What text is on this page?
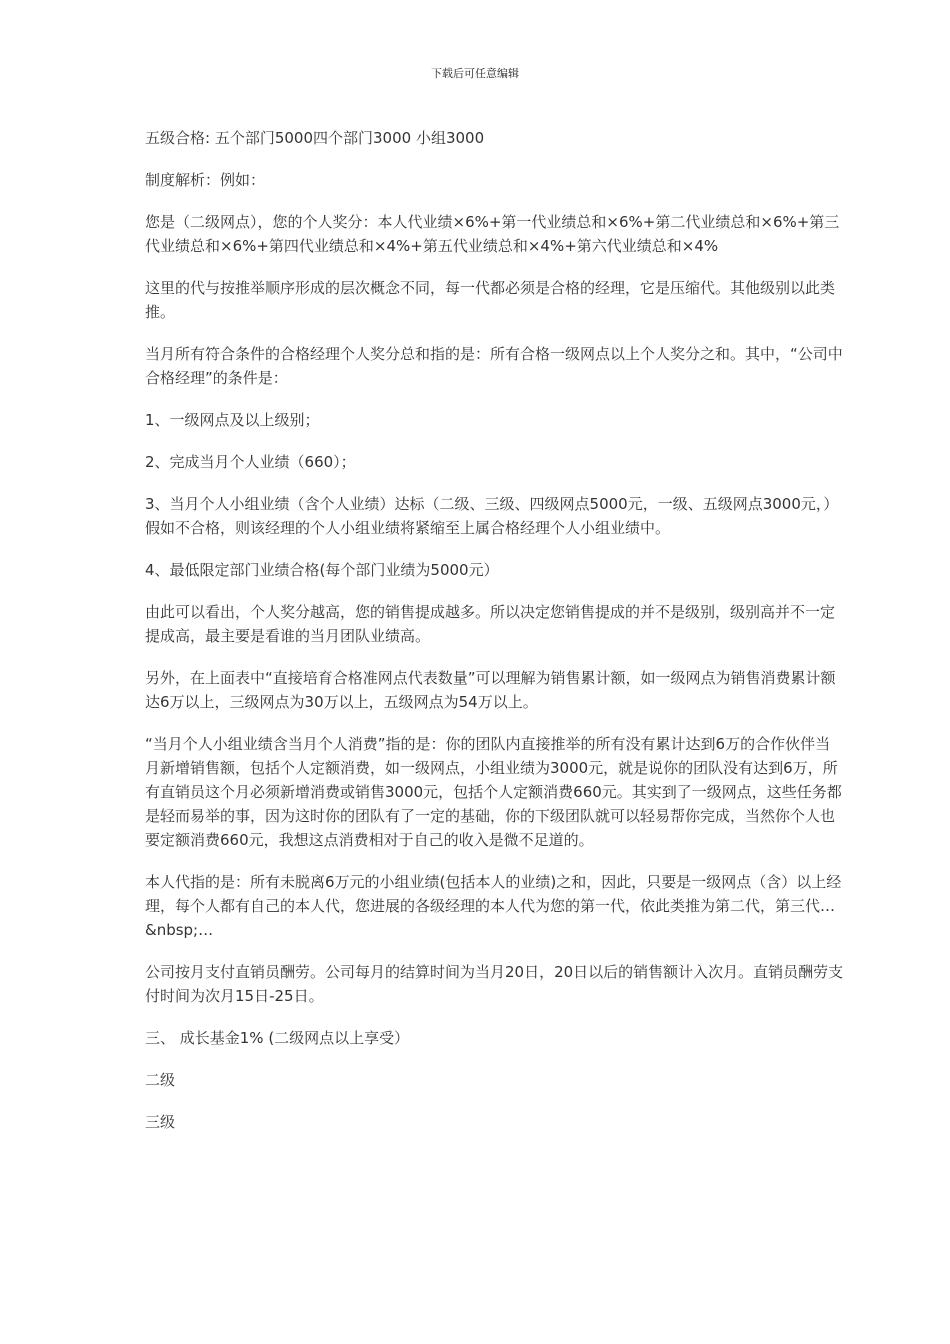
下载后可任意编辑

五级合格: 五个部门5000四个部门3000 小组3000

制度解析：例如：

您是（二级网点），您的个人奖分：本人代业绩×6%+第一代业绩总和×6%+第二代业绩总和×6%+第三代业绩总和×6%+第四代业绩总和×4%+第五代业绩总和×4%+第六代业绩总和×4%

这里的代与按推举顺序形成的层次概念不同，每一代都必须是合格的经理，它是压缩代。其他级别以此类推。

当月所有符合条件的合格经理个人奖分总和指的是：所有合格一级网点以上个人奖分之和。其中，“公司中合格经理”的条件是：

1、一级网点及以上级别；

2、完成当月个人业绩（660）；

3、当月个人小组业绩（含个人业绩）达标（二级、三级、四级网点5000元，一级、五级网点3000元，）假如不合格，则该经理的个人小组业绩将紧缩至上属合格经理个人小组业绩中。

4、最低限定部门业绩合格(每个部门业绩为5000元）

由此可以看出，个人奖分越高，您的销售提成越多。所以决定您销售提成的并不是级别，级别高并不一定提成高，最主要是看谁的当月团队业绩高。

另外，在上面表中“直接培育合格准网点代表数量”可以理解为销售累计额，如一级网点为销售消费累计额达6万以上，三级网点为30万以上，五级网点为54万以上。

“当月个人小组业绩含当月个人消费”指的是：你的团队内直接推举的所有没有累计达到6万的合作伙伴当月新增销售额，包括个人定额消费，如一级网点，小组业绩为3000元，就是说你的团队没有达到6万，所有直销员这个月必须新增消费或销售3000元，包括个人定额消费660元。其实到了一级网点，这些任务都是轻而易举的事，因为这时你的团队有了一定的基础，你的下级团队就可以轻易帮你完成，当然你个人也要定额消费660元，我想这点消费相对于自己的收入是微不足道的。

本人代指的是：所有未脱离6万元的小组业绩(包括本人的业绩)之和，因此，只要是一级网点（含）以上经理，每个人都有自己的本人代，您进展的各级经理的本人代为您的第一代，依此类推为第二代，第三代… &nbsp;…

公司按月支付直销员酬劳。公司每月的结算时间为当月20日，20日以后的销售额计入次月。直销员酬劳支付时间为次月15日-25日。

三、 成长基金1% (二级网点以上享受）

二级

三级
